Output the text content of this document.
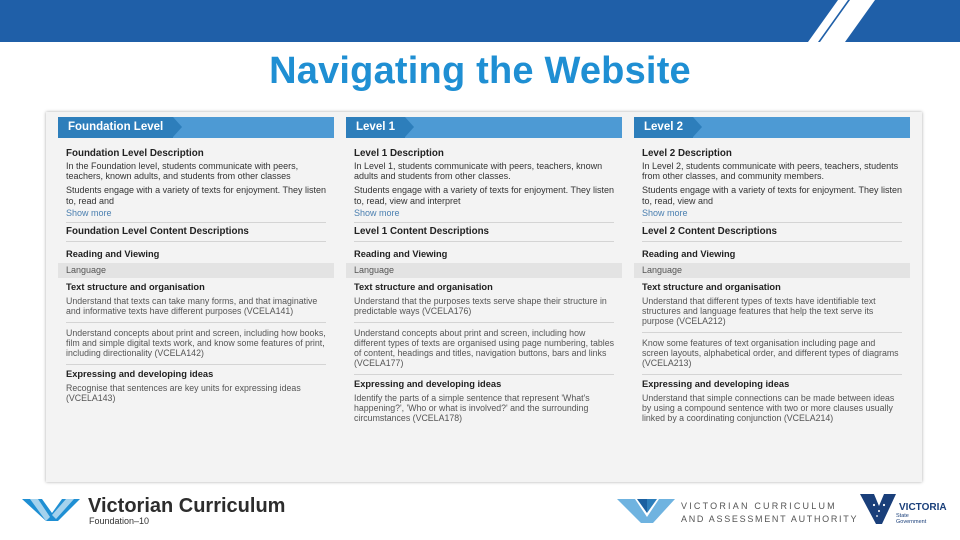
Navigating the Website
Foundation Level
Foundation Level Description
In the Foundation level, students communicate with peers, teachers, known adults, and students from other classes
Students engage with a variety of texts for enjoyment. They listen to, read and
Show more
Foundation Level Content Descriptions
Reading and Viewing
Language
Text structure and organisation
Understand that texts can take many forms, and that imaginative and informative texts have different purposes (VCELA141)
Understand concepts about print and screen, including how books, film and simple digital texts work, and know some features of print, including directionality (VCELA142)
Expressing and developing ideas
Recognise that sentences are key units for expressing ideas (VCELA143)
Level 1
Level 1 Description
In Level 1, students communicate with peers, teachers, known adults and students from other classes.
Students engage with a variety of texts for enjoyment. They listen to, read, view and interpret
Show more
Level 1 Content Descriptions
Reading and Viewing
Language
Text structure and organisation
Understand that the purposes texts serve shape their structure in predictable ways (VCELA176)
Understand concepts about print and screen, including how different types of texts are organised using page numbering, tables of content, headings and titles, navigation buttons, bars and links (VCELA177)
Expressing and developing ideas
Identify the parts of a simple sentence that represent 'What's happening?', 'Who or what is involved?' and the surrounding circumstances (VCELA178)
Level 2
Level 2 Description
In Level 2, students communicate with peers, teachers, students from other classes, and community members.
Students engage with a variety of texts for enjoyment. They listen to, read, view and
Show more
Level 2 Content Descriptions
Reading and Viewing
Language
Text structure and organisation
Understand that different types of texts have identifiable text structures and language features that help the text serve its purpose (VCELA212)
Know some features of text organisation including page and screen layouts, alphabetical order, and different types of diagrams (VCELA213)
Expressing and developing ideas
Understand that simple connections can be made between ideas by using a compound sentence with two or more clauses usually linked by a coordinating conjunction (VCELA214)
Victorian Curriculum
Foundation–10
VICTORIAN CURRICULUM
AND ASSESSMENT AUTHORITY
VICTORIA
State
Government
